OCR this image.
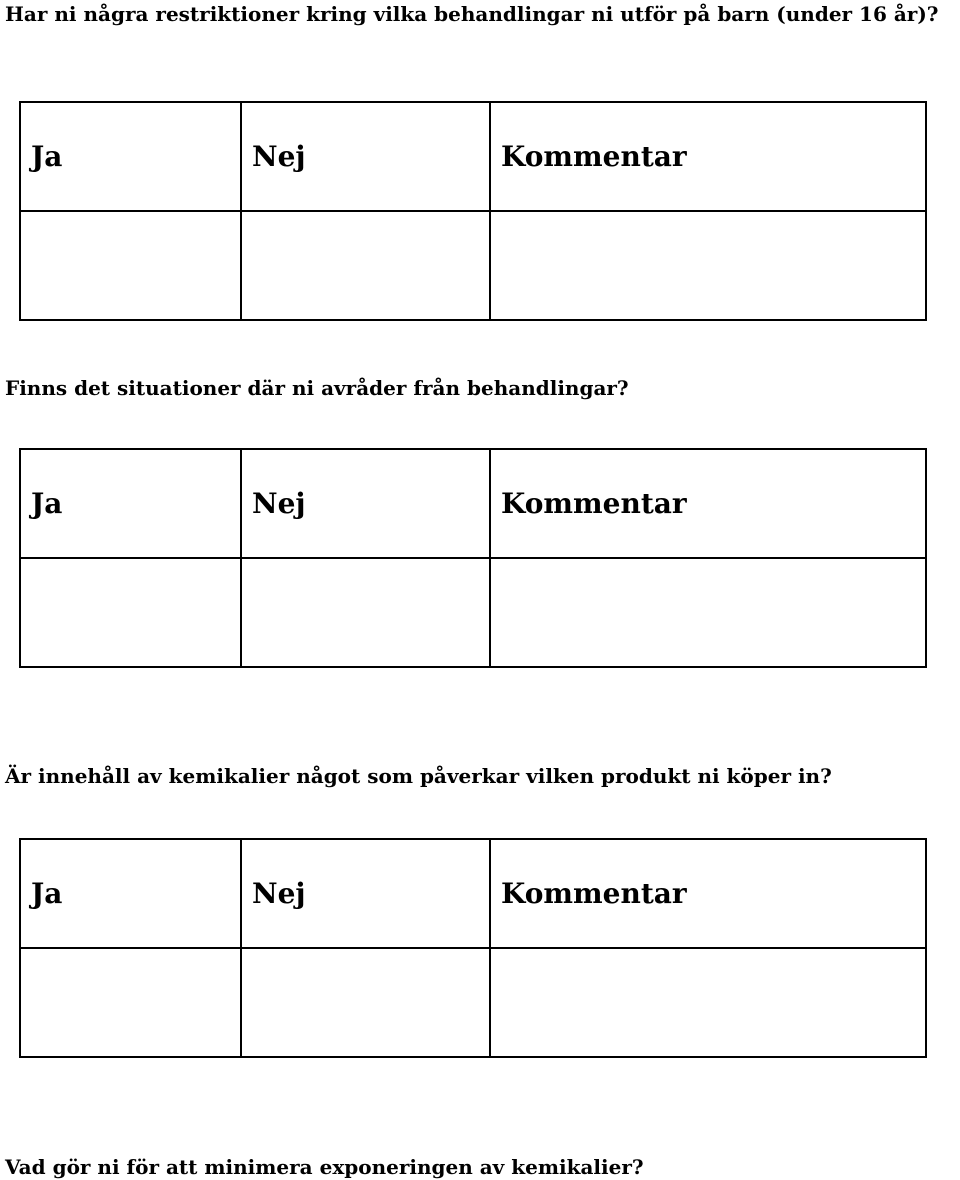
Har ni några restriktioner kring vilka behandlingar ni utför på barn (under 16 år)?

Ja	Nej	Kommentar

Finns det situationer där ni avråder från behandlingar?

Ja	Nej	Kommentar

Är innehåll av kemikalier något som påverkar vilken produkt ni köper in?

Ja	Nej	Kommentar

Vad gör ni för att minimera exponeringen av kemikalier?
